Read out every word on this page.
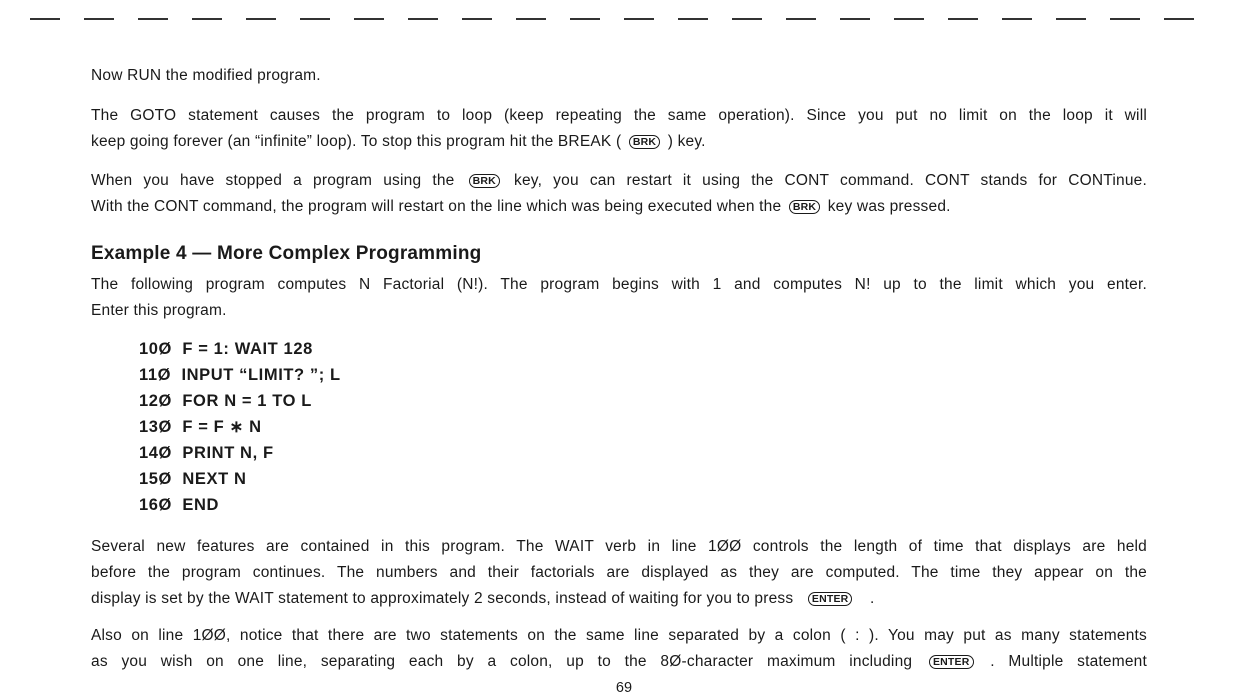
Now RUN the modified program.

The GOTO statement causes the program to loop (keep repeating the same operation). Since you put no limit on the loop it will

keep going forever (an “infinite” loop). To stop this program hit the BREAK ( BRK ) key.

When you have stopped a program using the BRK key, you can restart it using the CONT command. CONT stands for CONTinue.

With the CONT command, the program will restart on the line which was being executed when the BRK key was pressed.

Example 4 — More Complex Programming

The following program computes N Factorial (N!). The program begins with 1 and computes N! up to the limit which you enter.

Enter this program.

10Ø F = 1: WAIT 128
11Ø INPUT “LIMIT? ”; L
12Ø FOR N = 1 TO L
13Ø F = F ∗ N
14Ø PRINT N, F
15Ø NEXT N
16Ø END

Several new features are contained in this program. The WAIT verb in line 1ØØ controls the length of time that displays are held

before the program continues. The numbers and their factorials are displayed as they are computed. The time they appear on the

display is set by the WAIT statement to approximately 2 seconds, instead of waiting for you to press ENTER .

Also on line 1ØØ, notice that there are two statements on the same line separated by a colon ( : ). You may put as many statements

as you wish on one line, separating each by a colon, up to the 8Ø-character maximum including ENTER . Multiple statement

69
